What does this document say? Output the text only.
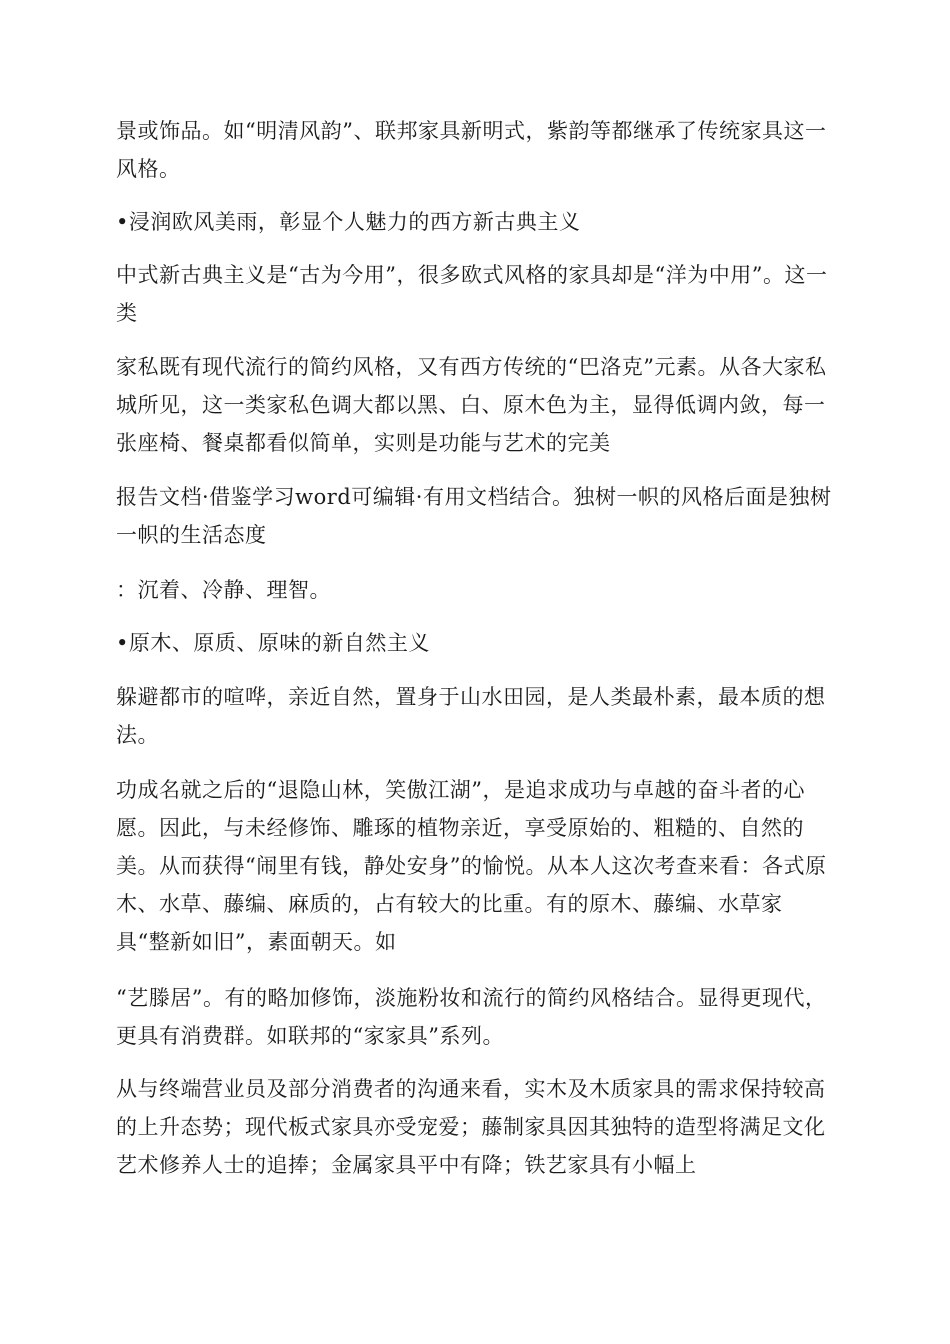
景或饰品。如“明清风韵”、联邦家具新明式，紫韵等都继承了传统家具这一风格。
•浸润欧风美雨，彰显个人魅力的西方新古典主义
中式新古典主义是“古为今用”，很多欧式风格的家具却是“洋为中用”。这一类
家私既有现代流行的简约风格，又有西方传统的“巴洛克”元素。从各大家私城所见，这一类家私色调大都以黑、白、原木色为主，显得低调内敛，每一张座椅、餐桌都看似简单，实则是功能与艺术的完美
报告文档·借鉴学习word可编辑·有用文档结合。独树一帜的风格后面是独树一帜的生活态度
：沉着、冷静、理智。
•原木、原质、原味的新自然主义
躲避都市的喧哗，亲近自然，置身于山水田园，是人类最朴素，最本质的想法。
功成名就之后的“退隐山林，笑傲江湖”，是追求成功与卓越的奋斗者的心愿。因此，与未经修饰、雕琢的植物亲近，享受原始的、粗糙的、自然的美。从而获得“闹里有钱，静处安身”的愉悦。从本人这次考查来看：各式原木、水草、藤编、麻质的，占有较大的比重。有的原木、藤编、水草家具“整新如旧”，素面朝天。如
“艺滕居”。有的略加修饰，淡施粉妆和流行的简约风格结合。显得更现代，更具有消费群。如联邦的“家家具”系列。
从与终端营业员及部分消费者的沟通来看，实木及木质家具的需求保持较高的上升态势；现代板式家具亦受宠爱；藤制家具因其独特的造型将满足文化艺术修养人士的追捧；金属家具平中有降；铁艺家具有小幅上
